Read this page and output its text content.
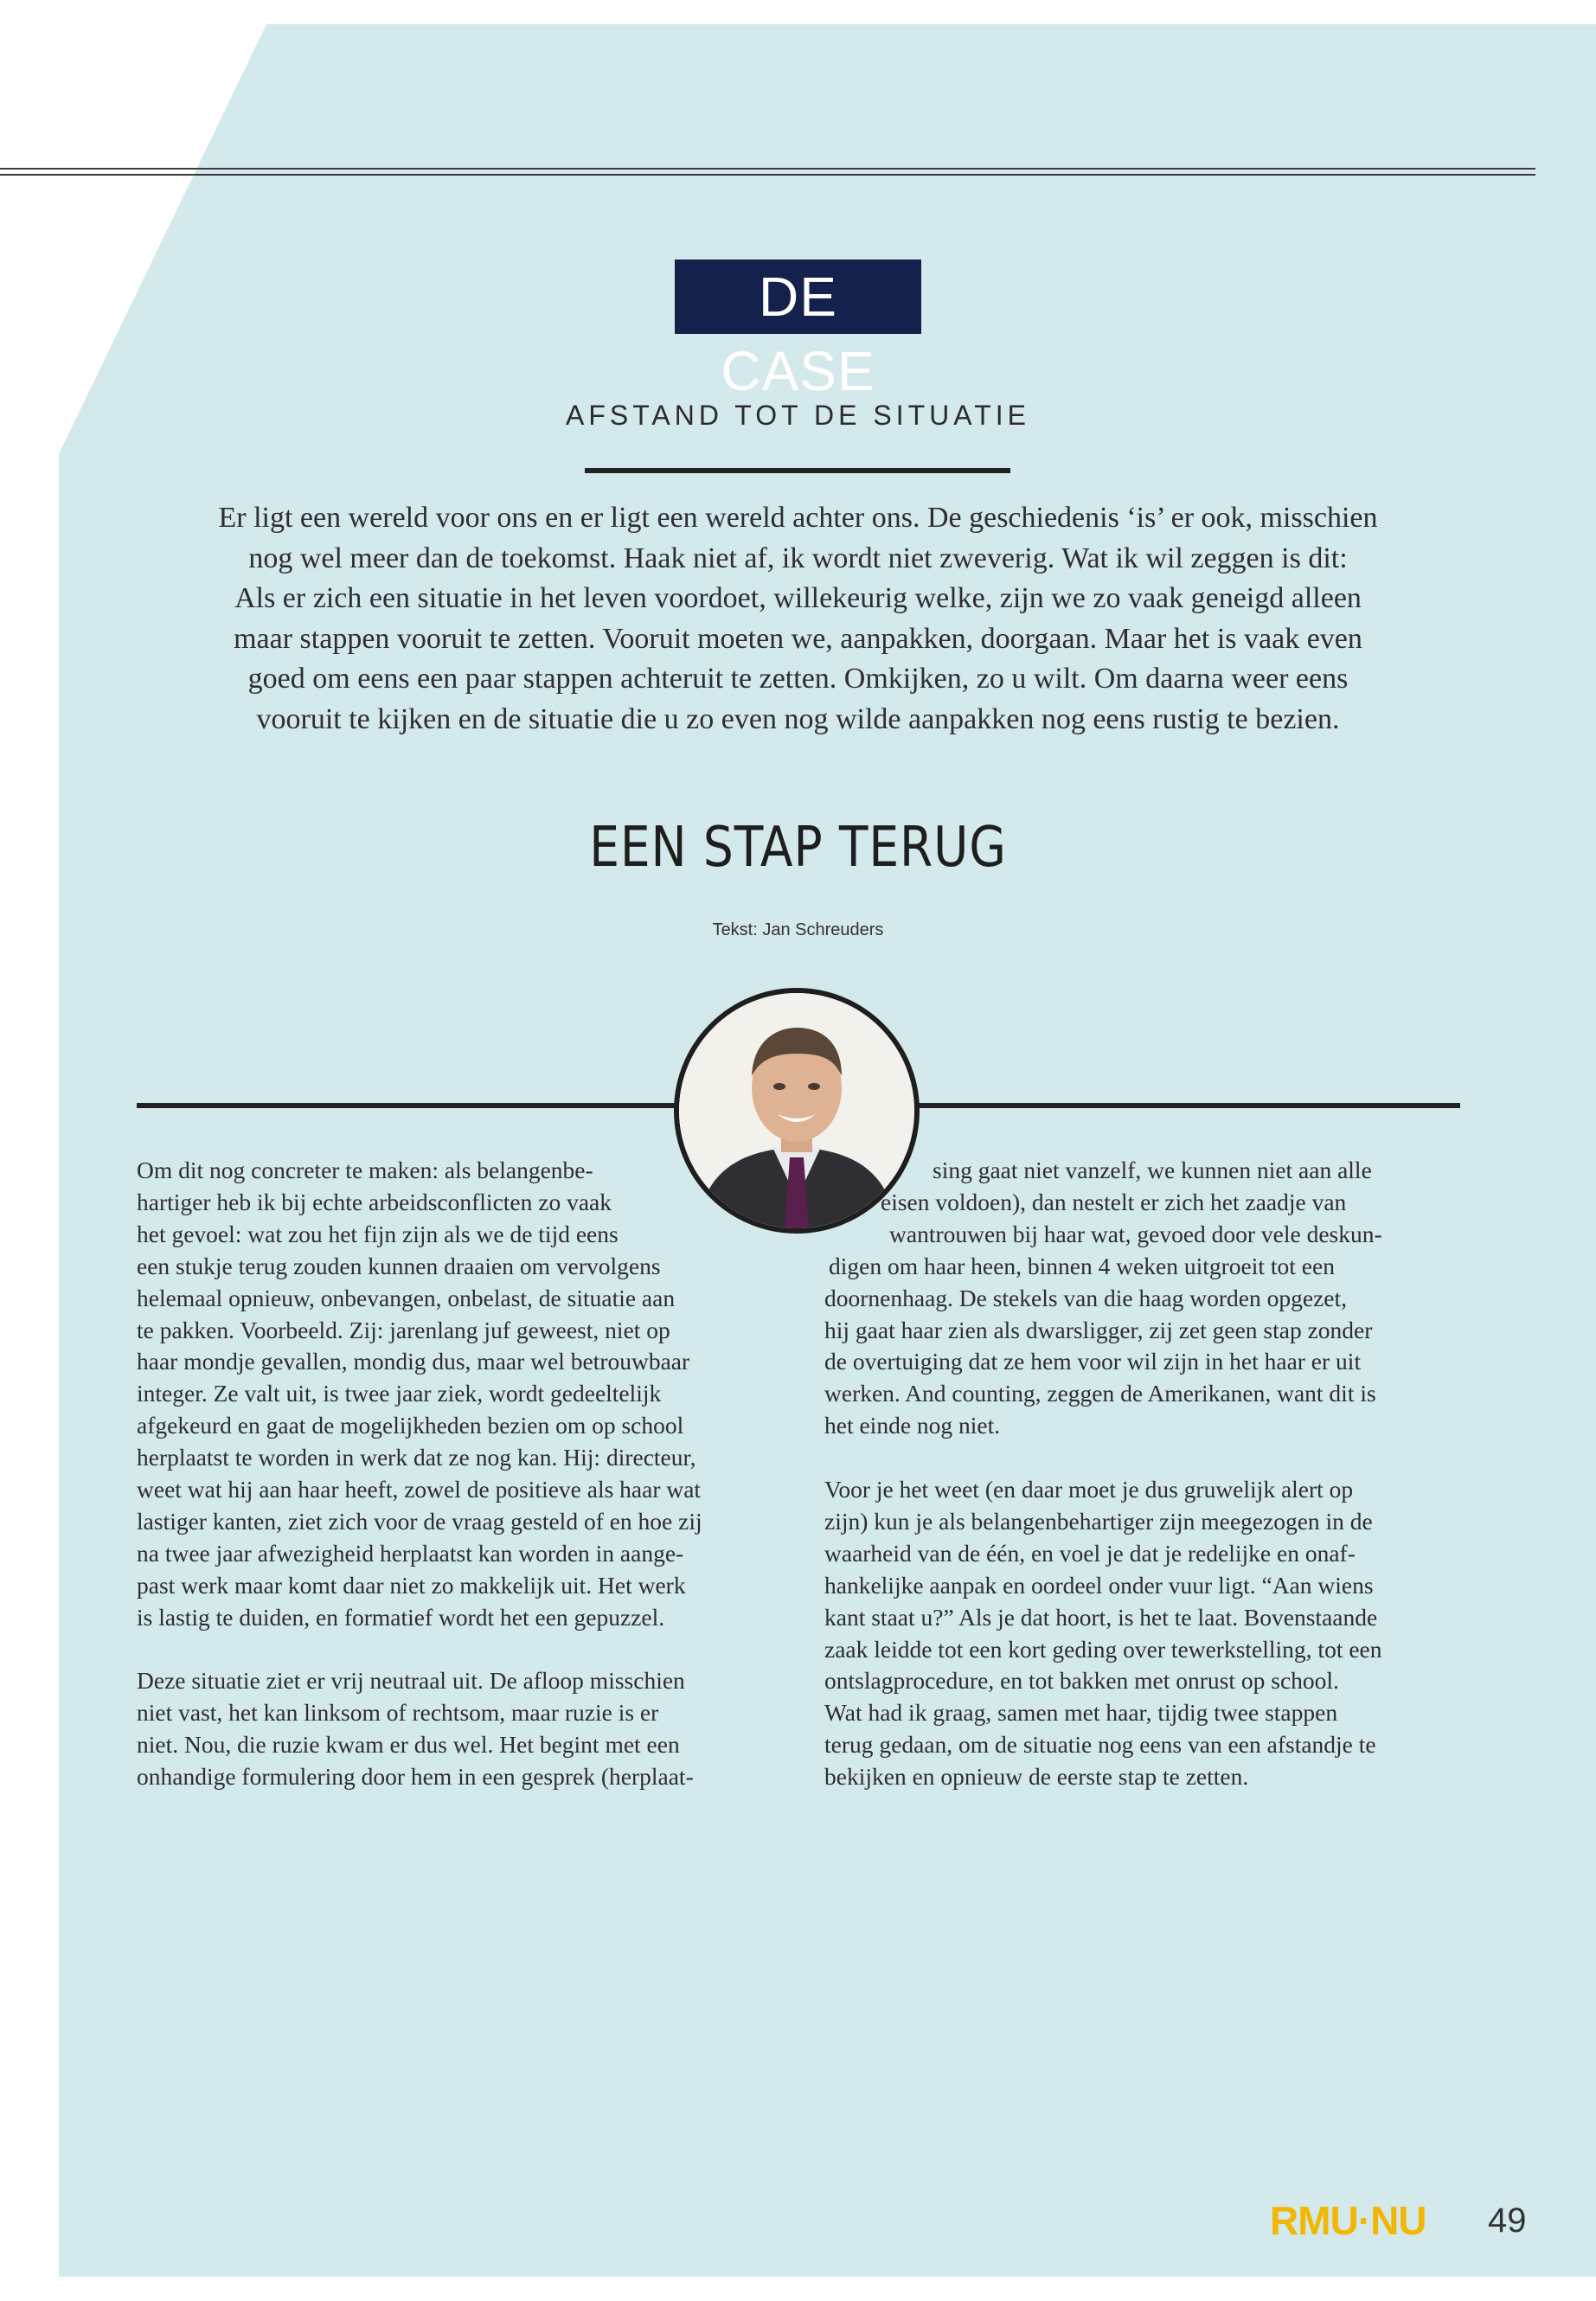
DE CASE
AFSTAND TOT DE SITUATIE
Er ligt een wereld voor ons en er ligt een wereld achter ons. De geschiedenis ‘is’ er ook, misschien
nog wel meer dan de toekomst. Haak niet af, ik wordt niet zweverig. Wat ik wil zeggen is dit:
Als er zich een situatie in het leven voordoet, willekeurig welke, zijn we zo vaak geneigd alleen
maar stappen vooruit te zetten. Vooruit moeten we, aanpakken, doorgaan. Maar het is vaak even
goed om eens een paar stappen achteruit te zetten. Omkijken, zo u wilt. Om daarna weer eens
vooruit te kijken en de situatie die u zo even nog wilde aanpakken nog eens rustig te bezien.
EEN STAP TERUG
Tekst: Jan Schreuders

Om dit nog concreter te maken: als belangenbe-

hartiger heb ik bij echte arbeidsconflicten zo vaak

het gevoel: wat zou het fijn zijn als we de tijd eens

een stukje terug zouden kunnen draaien om vervolgens

helemaal opnieuw, onbevangen, onbelast, de situatie aan

te pakken. Voorbeeld. Zij: jarenlang juf geweest, niet op

haar mondje gevallen, mondig dus, maar wel betrouwbaar

integer. Ze valt uit, is twee jaar ziek, wordt gedeeltelijk

afgekeurd en gaat de mogelijkheden bezien om op school

herplaatst te worden in werk dat ze nog kan. Hij: directeur,

weet wat hij aan haar heeft, zowel de positieve als haar wat

lastiger kanten, ziet zich voor de vraag gesteld of en hoe zij

na twee jaar afwezigheid herplaatst kan worden in aange-

past werk maar komt daar niet zo makkelijk uit. Het werk

is lastig te duiden, en formatief wordt het een gepuzzel.

Deze situatie ziet er vrij neutraal uit. De afloop misschien

niet vast, het kan linksom of rechtsom, maar ruzie is er

niet. Nou, die ruzie kwam er dus wel. Het begint met een

onhandige formulering door hem in een gesprek (herplaat-

sing gaat niet vanzelf, we kunnen niet aan alle

eisen voldoen), dan nestelt er zich het zaadje van

wantrouwen bij haar wat, gevoed door vele deskun-

digen om haar heen, binnen 4 weken uitgroeit tot een

doornenhaag. De stekels van die haag worden opgezet,

hij gaat haar zien als dwarsligger, zij zet geen stap zonder

de overtuiging dat ze hem voor wil zijn in het haar er uit

werken. And counting, zeggen de Amerikanen, want dit is

het einde nog niet.

Voor je het weet (en daar moet je dus gruwelijk alert op

zijn) kun je als belangenbehartiger zijn meegezogen in de

waarheid van de één, en voel je dat je redelijke en onaf-

hankelijke aanpak en oordeel onder vuur ligt. “Aan wiens

kant staat u?” Als je dat hoort, is het te laat. Bovenstaande

zaak leidde tot een kort geding over tewerkstelling, tot een

ontslagprocedure, en tot bakken met onrust op school.

Wat had ik graag, samen met haar, tijdig twee stappen

terug gedaan, om de situatie nog eens van een afstandje te

bekijken en opnieuw de eerste stap te zetten.

RMU·NU 49
